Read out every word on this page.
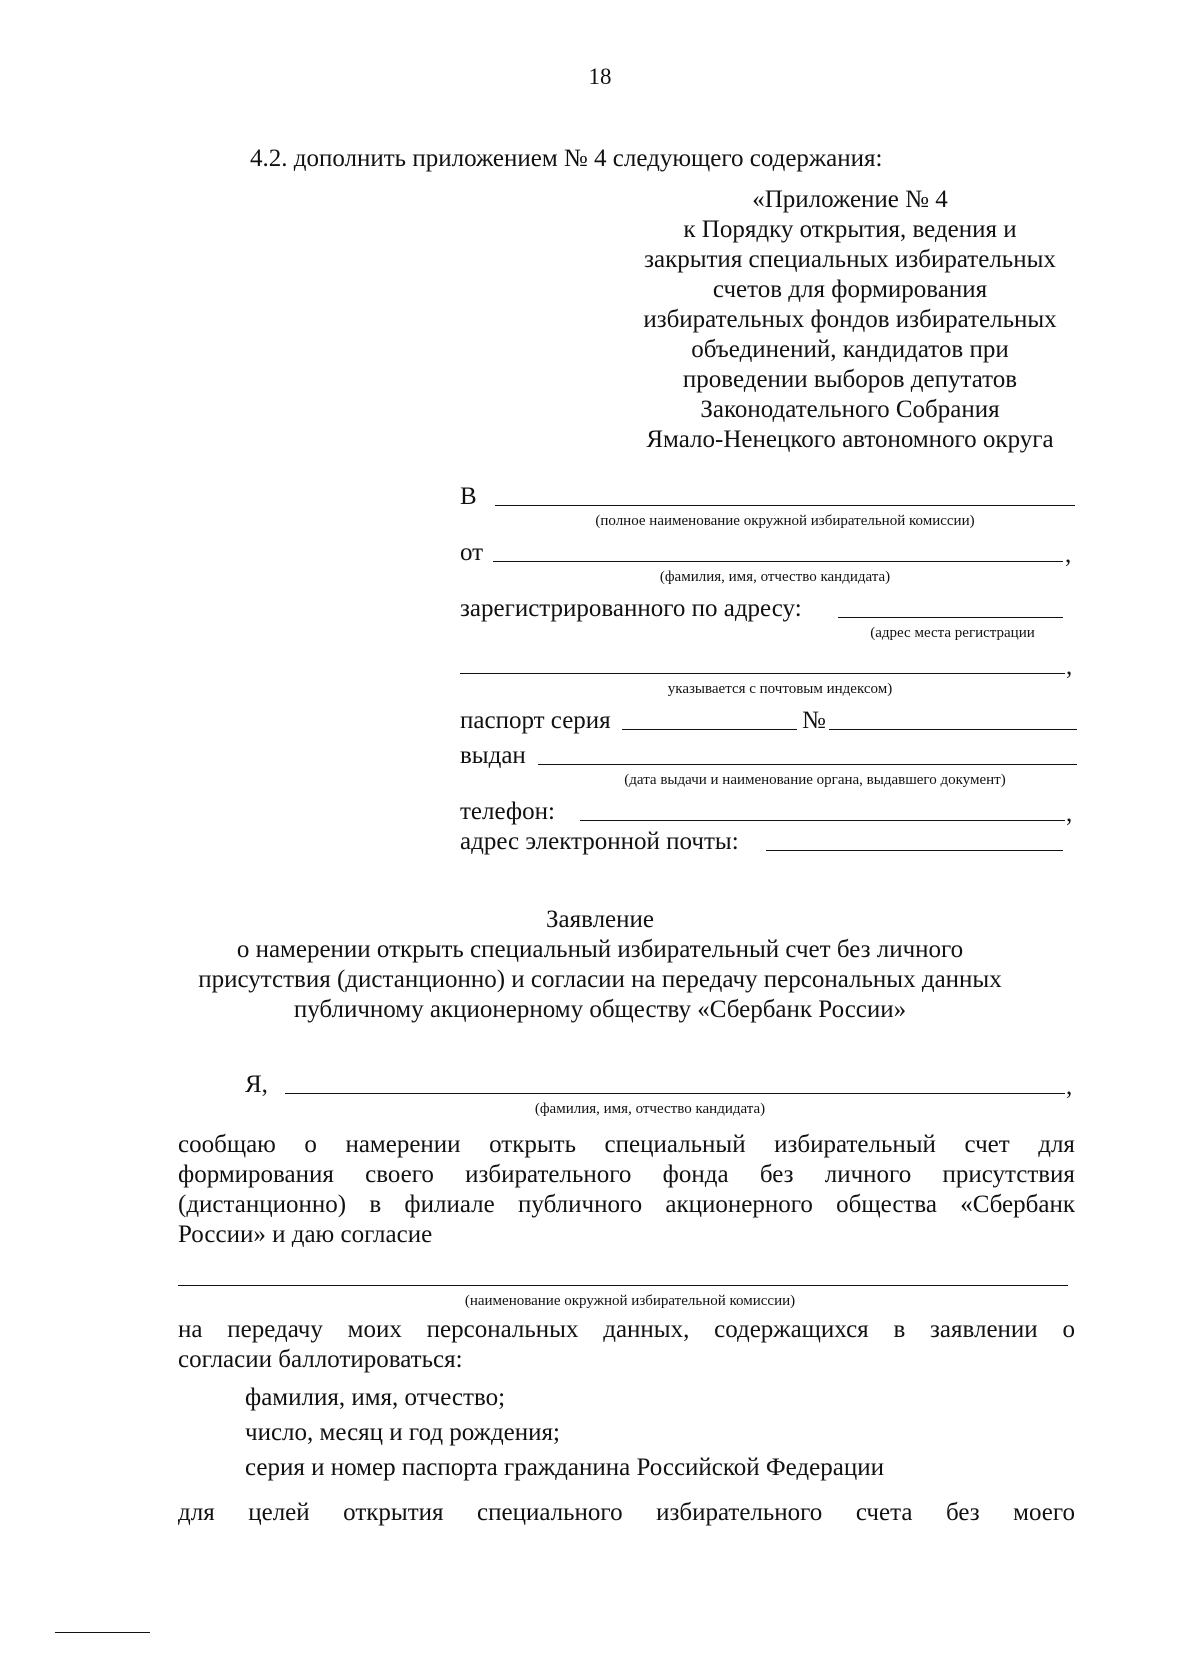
18
4.2. дополнить приложением № 4 следующего содержания:
«Приложение № 4
к Порядку открытия, ведения и
закрытия специальных избирательных
счетов для формирования
избирательных фондов избирательных
объединений, кандидатов при
проведении выборов депутатов
Законодательного Собрания
Ямало-Ненецкого автономного округа
В
(полное наименование окружной избирательной комиссии)
от	,
(фамилия, имя, отчество кандидата)
зарегистрированного по адресу:
(адрес места регистрации
,
указывается с почтовым индексом)
паспорт серия	№
выдан
(дата выдачи и наименование органа, выдавшего документ)
телефон:	,
адрес электронной почты:
Заявление
о намерении открыть специальный избирательный счет без личного
присутствия (дистанционно) и согласии на передачу персональных данных
публичному акционерному обществу «Сбербанк России»
Я,	,
(фамилия, имя, отчество кандидата)
сообщаю о намерении открыть специальный избирательный счет для
формирования своего избирательного фонда без личного присутствия
(дистанционно) в филиале публичного акционерного общества «Сбербанк
России» и даю согласие
(наименование окружной избирательной комиссии)
на передачу моих персональных данных, содержащихся в заявлении о
согласии баллотироваться:
фамилия, имя, отчество;
число, месяц и год рождения;
серия и номер паспорта гражданина Российской Федерации
для целей открытия специального избирательного счета без моего
